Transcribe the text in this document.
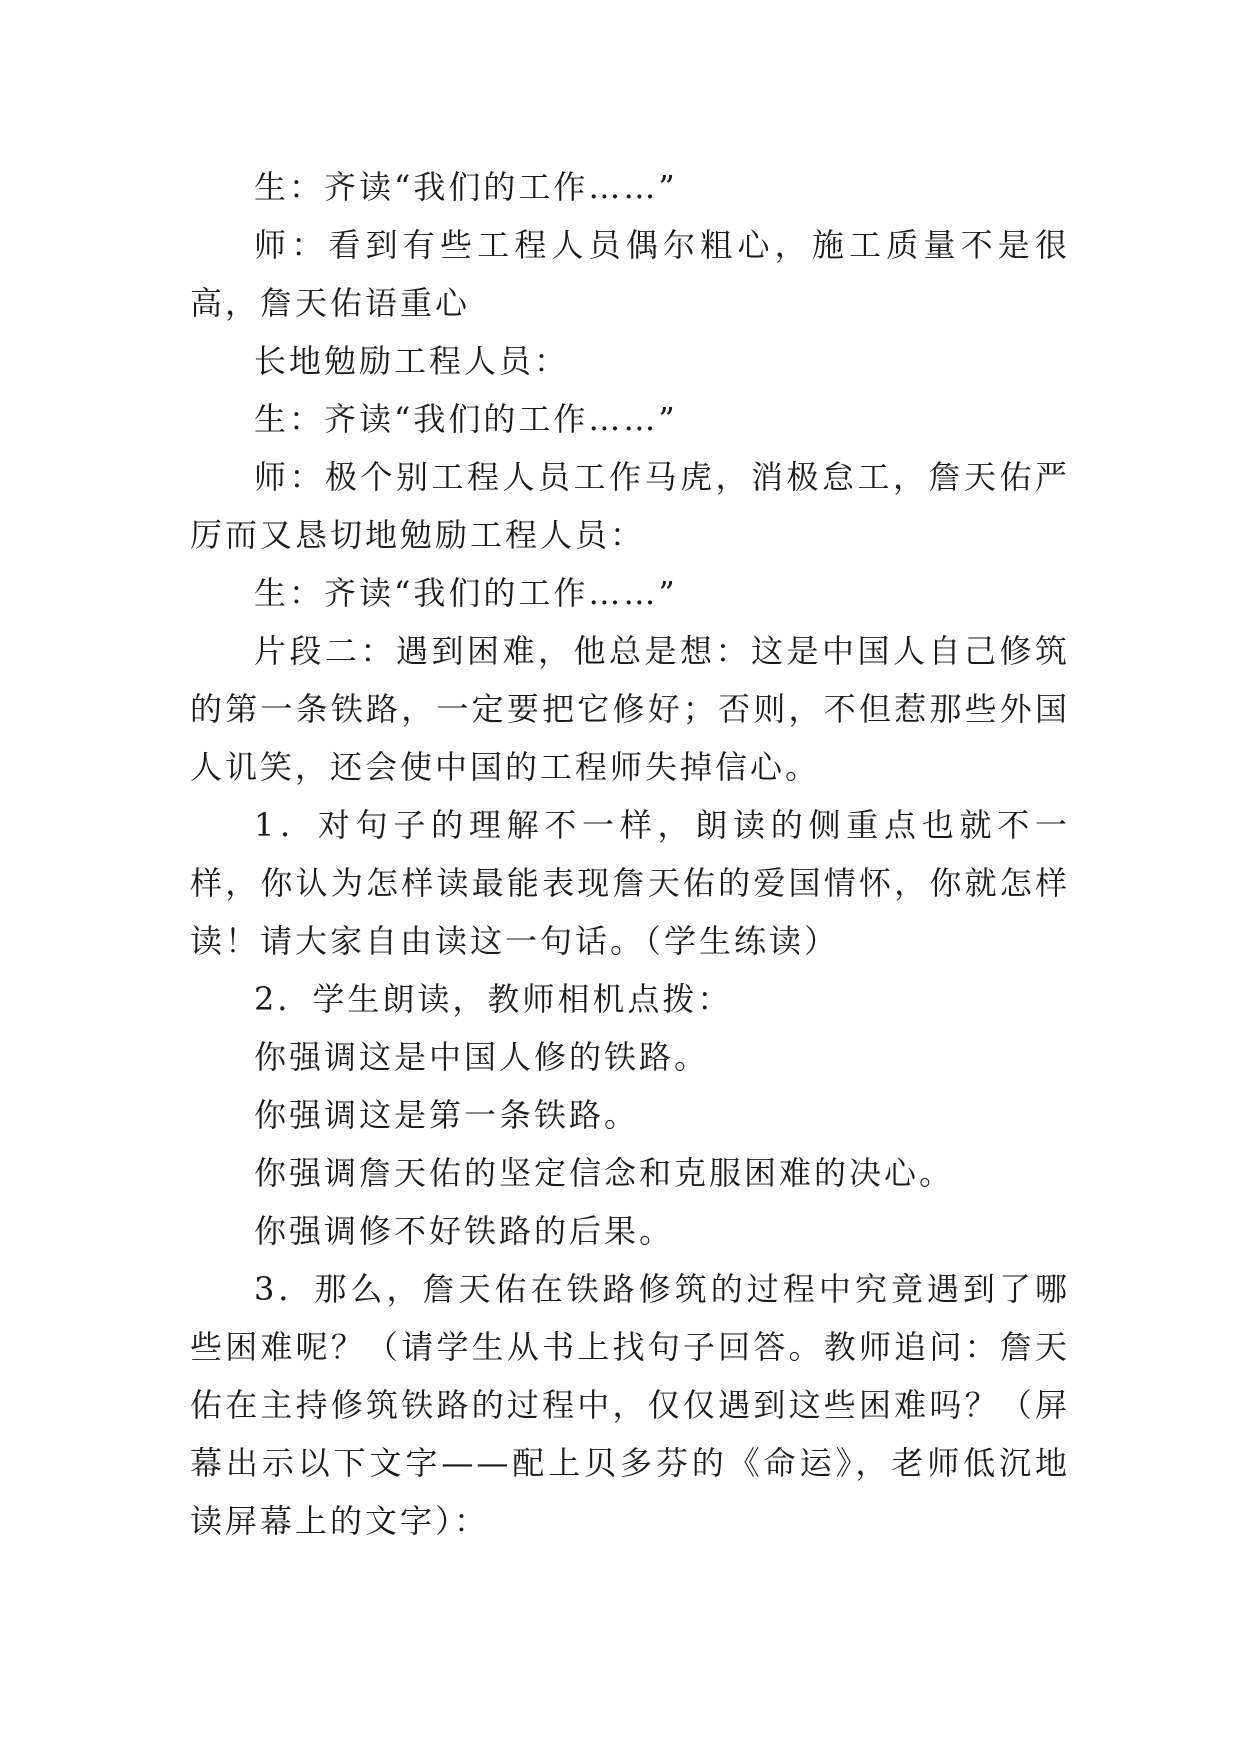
生：齐读“我们的工作……”

师：看到有些工程人员偶尔粗心，施工质量不是很高，詹天佑语重心

长地勉励工程人员：

生：齐读“我们的工作……”

师：极个别工程人员工作马虎，消极怠工，詹天佑严厉而又恳切地勉励工程人员：

生：齐读“我们的工作……”

片段二：遇到困难，他总是想：这是中国人自己修筑的第一条铁路，一定要把它修好；否则，不但惹那些外国人讥笑，还会使中国的工程师失掉信心。

1．对句子的理解不一样，朗读的侧重点也就不一样，你认为怎样读最能表现詹天佑的爱国情怀，你就怎样读！请大家自由读这一句话。（学生练读）

2．学生朗读，教师相机点拨：

你强调这是中国人修的铁路。

你强调这是第一条铁路。

你强调詹天佑的坚定信念和克服困难的决心。

你强调修不好铁路的后果。

3．那么，詹天佑在铁路修筑的过程中究竟遇到了哪些困难呢？（请学生从书上找句子回答。教师追问：詹天佑在主持修筑铁路的过程中，仅仅遇到这些困难吗？（屏幕出示以下文字——配上贝多芬的《命运》，老师低沉地读屏幕上的文字）：
